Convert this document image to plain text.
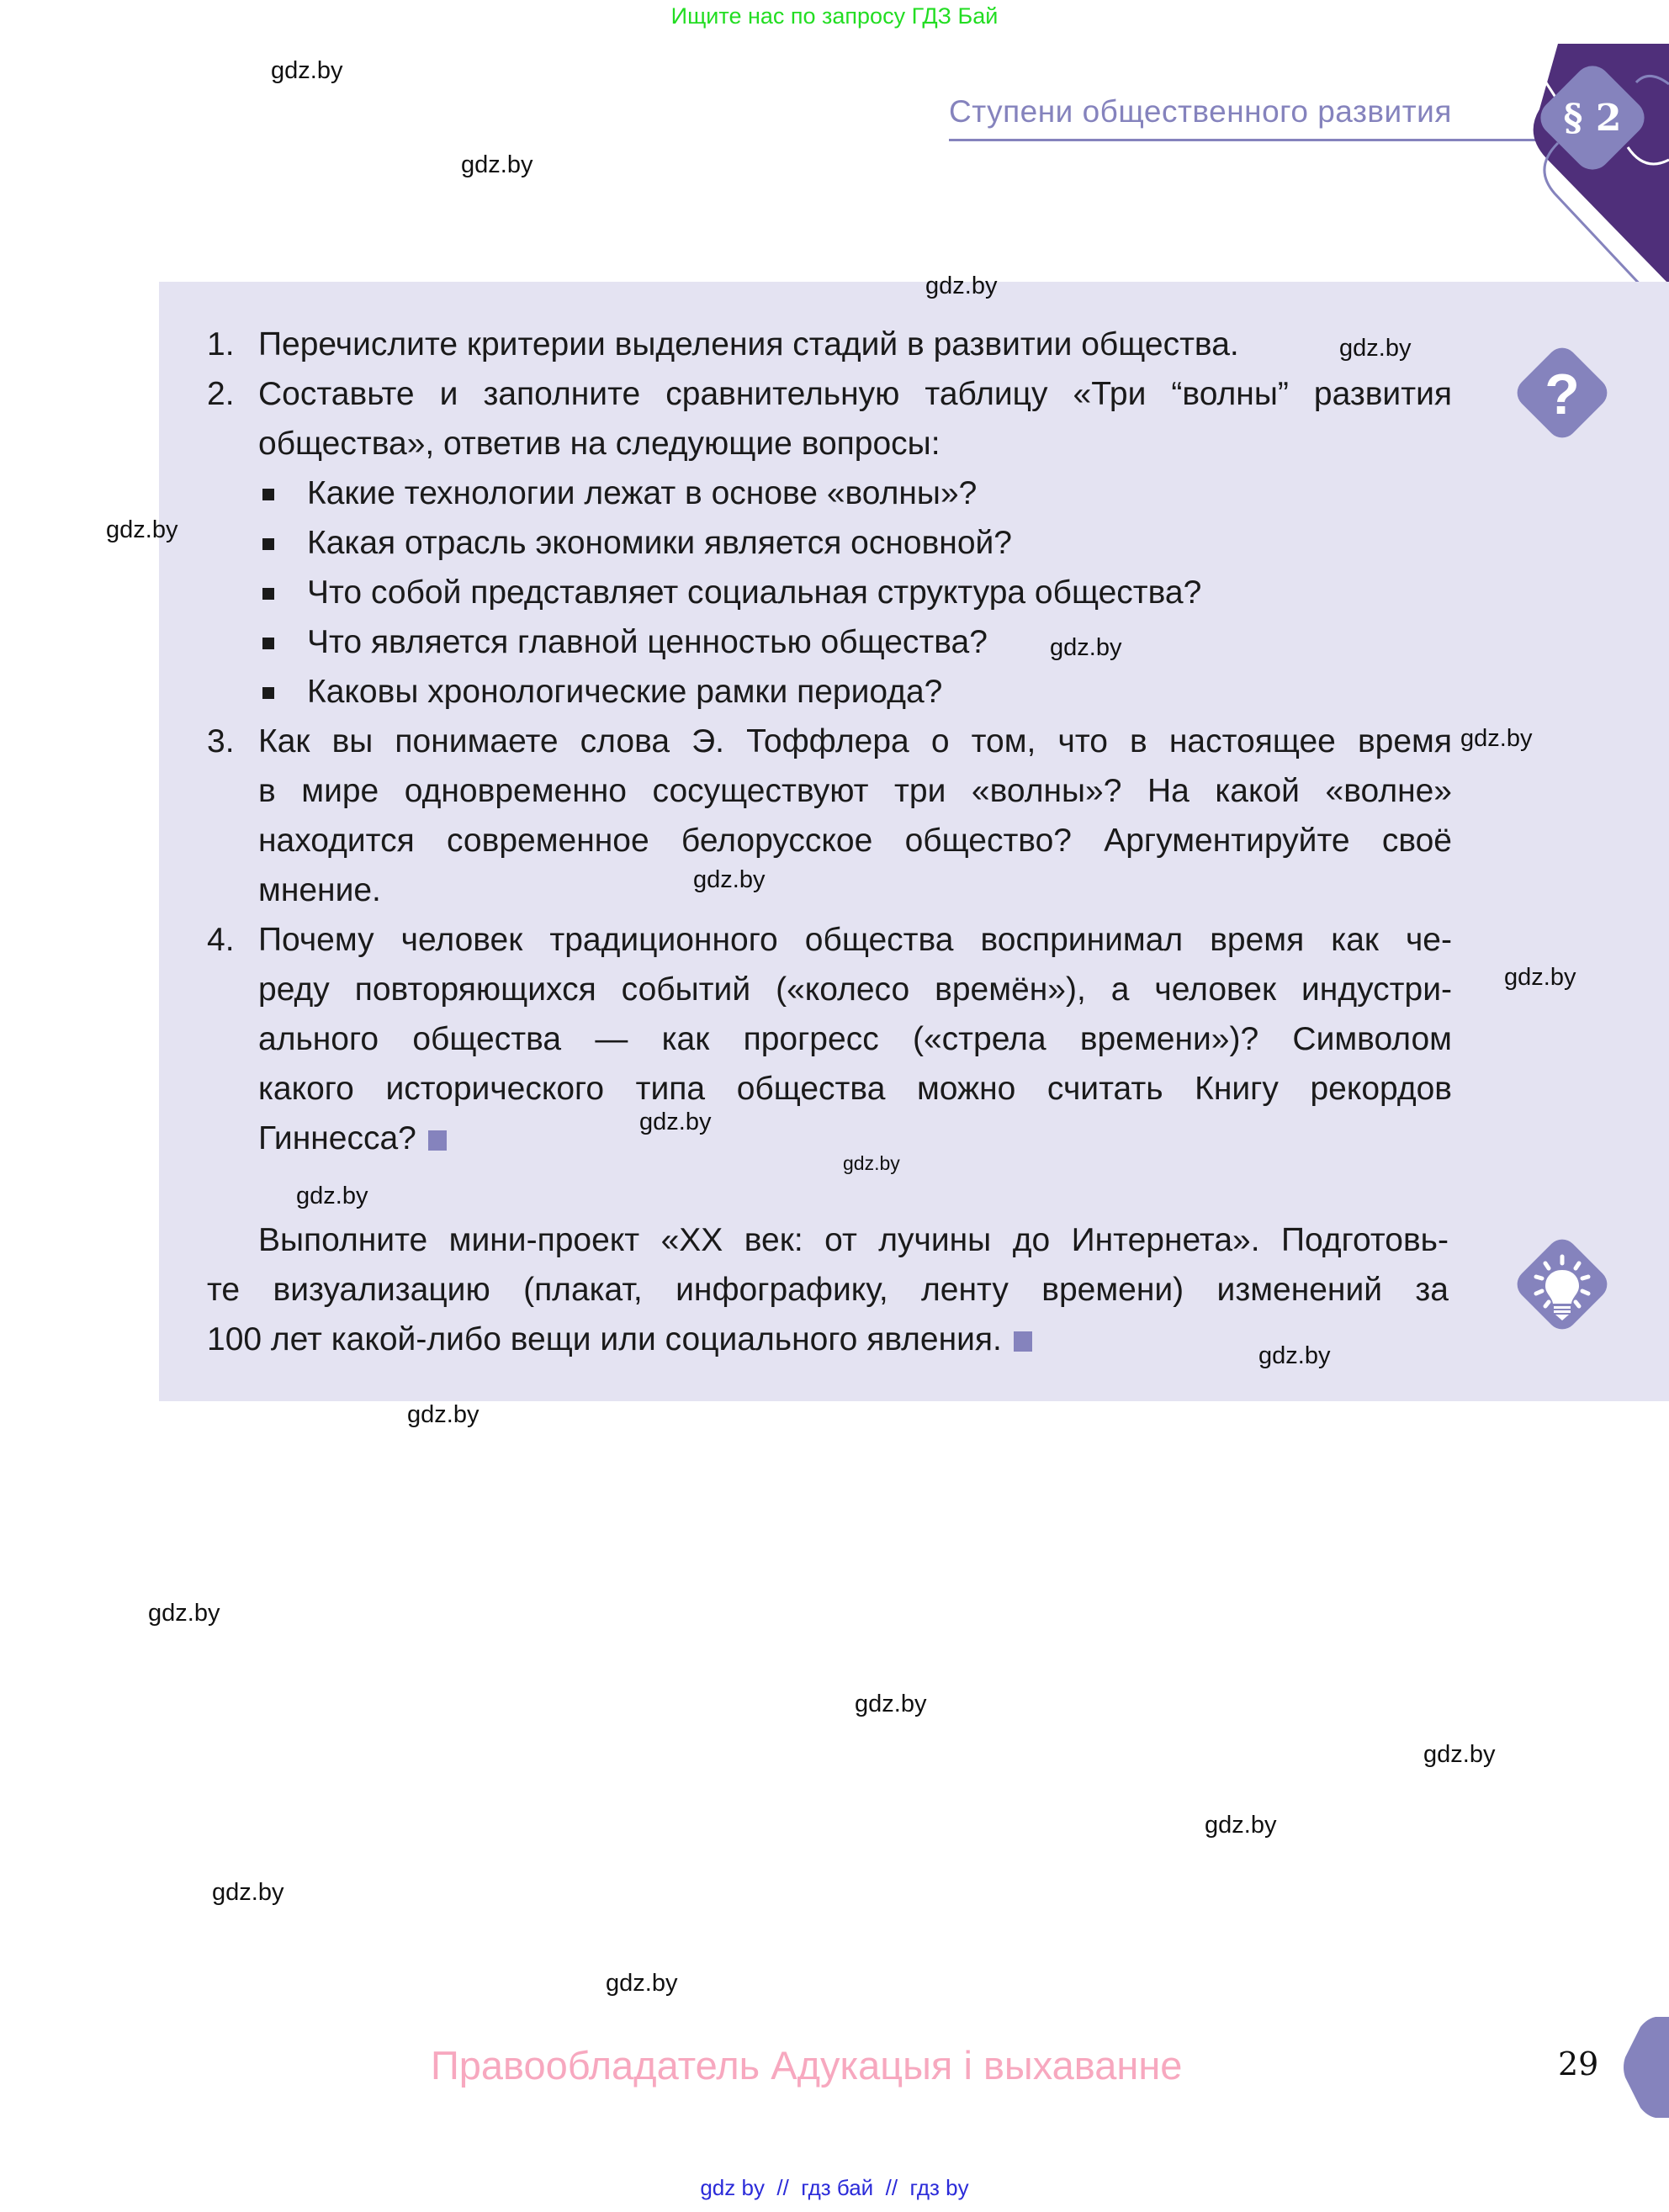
Ищите нас по запросу ГДЗ Бай
Ступени общественного развития	§ 2
?
1. Перечислите критерии выделения стадий в развитии общества.
2. Составьте и заполните сравнительную таблицу «Три “волны” развития
общества», ответив на следующие вопросы:
Какие технологии лежат в основе «волны»?
Какая отрасль экономики является основной?
Что собой представляет социальная структура общества?
Что является главной ценностью общества?
Каковы хронологические рамки периода?
3. Как вы понимаете слова Э. Тоффлера о том, что в настоящее время
в мире одновременно сосуществуют три «волны»? На какой «волне»
находится современное белорусское общество? Аргументируйте своё
мнение.
4. Почему человек традиционного общества воспринимал время как че-
реду повторяющихся событий («колесо времён»), а человек индустри-
ального общества — как прогресс («стрела времени»)? Символом
какого исторического типа общества можно считать Книгу рекордов
Гиннесса?
Выполните мини-проект «XX век: от лучины до Интернета». Подготовь-
те визуализацию (плакат, инфографику, ленту времени) изменений за
100 лет какой-либо вещи или социального явления.
gdz.by
gdz.by
gdz.by
gdz.by
gdz.by
gdz.by
gdz.by
gdz.by
gdz.by
gdz.by
gdz.by
gdz.by
gdz.by
gdz.by
gdz.by
gdz.by
gdz.by
gdz.by
gdz.by
gdz.by
Правообладатель Адукацыя і выхаванне	29
gdz by  //  гдз бай  //  гдз by
